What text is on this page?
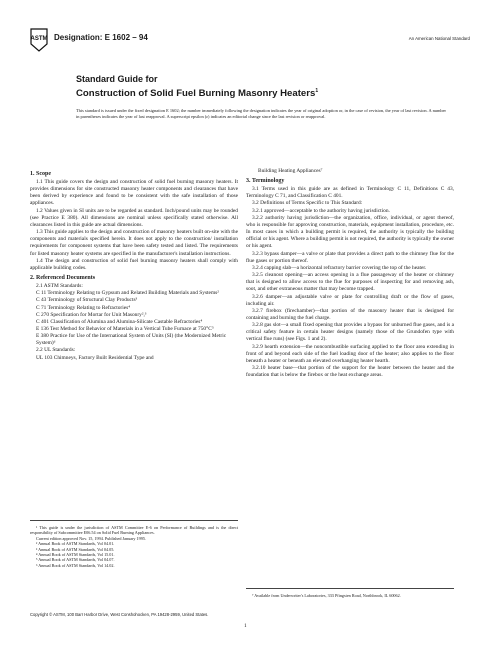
ASTM Designation: E 1602 – 94	An American National Standard
Standard Guide for
Construction of Solid Fuel Burning Masonry Heaters$^1$
This standard is issued under the fixed designation E 1602; the number immediately following the designation indicates the year of original adoption or, in the case of revision, the year of last revision. A number in parentheses indicates the year of last reapproval. A superscript epsilon (ε) indicates an editorial change since the last revision or reapproval.
1. Scope

1.1 This guide covers the design and construction of solid fuel burning masonry heaters. It provides dimensions for site constructed masonry heater components and clearances that have been derived by experience and found to be consistent with the safe installation of those appliances.

1.2 Values given in SI units are to be regarded as standard. Inch/pound units may be rounded (see Practice E 380). All dimensions are nominal unless specifically stated otherwise. All clearances listed in this guide are actual dimensions.

1.3 This guide applies to the design and construction of masonry heaters built on-site with the components and materials specified herein. It does not apply to the construction/ installation requirements for component systems that have been safety tested and listed. The requirements for listed masonry heater systems are specified in the manufacturer's installation instructions.

1.4 The design and construction of solid fuel burning masonry heaters shall comply with applicable building codes.

2. Referenced Documents
2.1 ASTM Standards:
C 11 Terminology Relating to Gypsum and Related Building Materials and Systems²
C 43 Terminology of Structural Clay Products³
C 71 Terminology Relating to Refractories⁴
C 270 Specification for Mortar for Unit Masonry²,³
C 401 Classification of Alumina and Alumina-Silicate Castable Refractories⁴
E 136 Test Method for Behavior of Materials in a Vertical Tube Furnace at 750°C⁵
E 380 Practice for Use of the International System of Units (SI) (the Modernized Metric System)⁶
2.2 UL Standards:
UL 103 Chimneys, Factory Built Residential Type and
¹ This guide is under the jurisdiction of ASTM Committee E-6 on Performance of Buildings and is the direct responsibility of Subcommittee E06.54 on Solid Fuel Burning Appliances.
Current edition approved Nov. 15, 1994. Published January 1995.
² Annual Book of ASTM Standards, Vol 04.01.
³ Annual Book of ASTM Standards, Vol 04.05.
⁴ Annual Book of ASTM Standards, Vol 15.01.
⁵ Annual Book of ASTM Standards, Vol 04.07.
⁶ Annual Book of ASTM Standards, Vol 14.02.
Building Heating Appliances⁷
3. Terminology

3.1 Terms used in this guide are as defined in Terminology C 11, Definitions C 43, Terminology C 71, and Classification C 401.

3.2 Definitions of Terms Specific to This Standard:

3.2.1 approved—acceptable to the authority having jurisdiction.

3.2.2 authority having jurisdiction—the organization, office, individual, or agent thereof, who is responsible for approving construction, materials, equipment installation, procedure, etc. In most cases in which a building permit is required, the authority is typically the building official or his agent. Where a building permit is not required, the authority is typically the owner or his agent.

3.2.3 bypass damper—a valve or plate that provides a direct path to the chimney flue for the flue gases or portion thereof.

3.2.4 capping slab—a horizontal refractory barrier covering the top of the heater.

3.2.5 cleanout opening—an access opening in a flue passageway of the heater or chimney that is designed to allow access to the flue for purposes of inspecting for and removing ash, soot, and other extraneous matter that may become trapped.

3.2.6 damper—an adjustable valve or plate for controlling draft or the flow of gases, including air.

3.2.7 firebox (firechamber)—that portion of the masonry heater that is designed for containing and burning the fuel charge.

3.2.8 gas slot—a small fixed opening that provides a bypass for unburned flue gases, and is a critical safety feature in certain heater designs (namely those of the Grundofen type with vertical flue runs) (see Figs. 1 and 2).

3.2.9 hearth extension—the noncombustible surfacing applied to the floor area extending in front of and beyond each side of the fuel loading door of the heater; also applies to the floor beneath a heater or beneath an elevated overhanging heater hearth.

3.2.10 heater base—that portion of the support for the heater between the heater and the foundation that is below the firebox or the heat exchange areas.

⁷ Available from Underwriter's Laboratories, 333 Pfingsten Road, Northbrook, IL 60062.
Copyright © ASTM, 100 Barr Harbor Drive, West Conshohocken, PA 19428-2959, United States.
1
